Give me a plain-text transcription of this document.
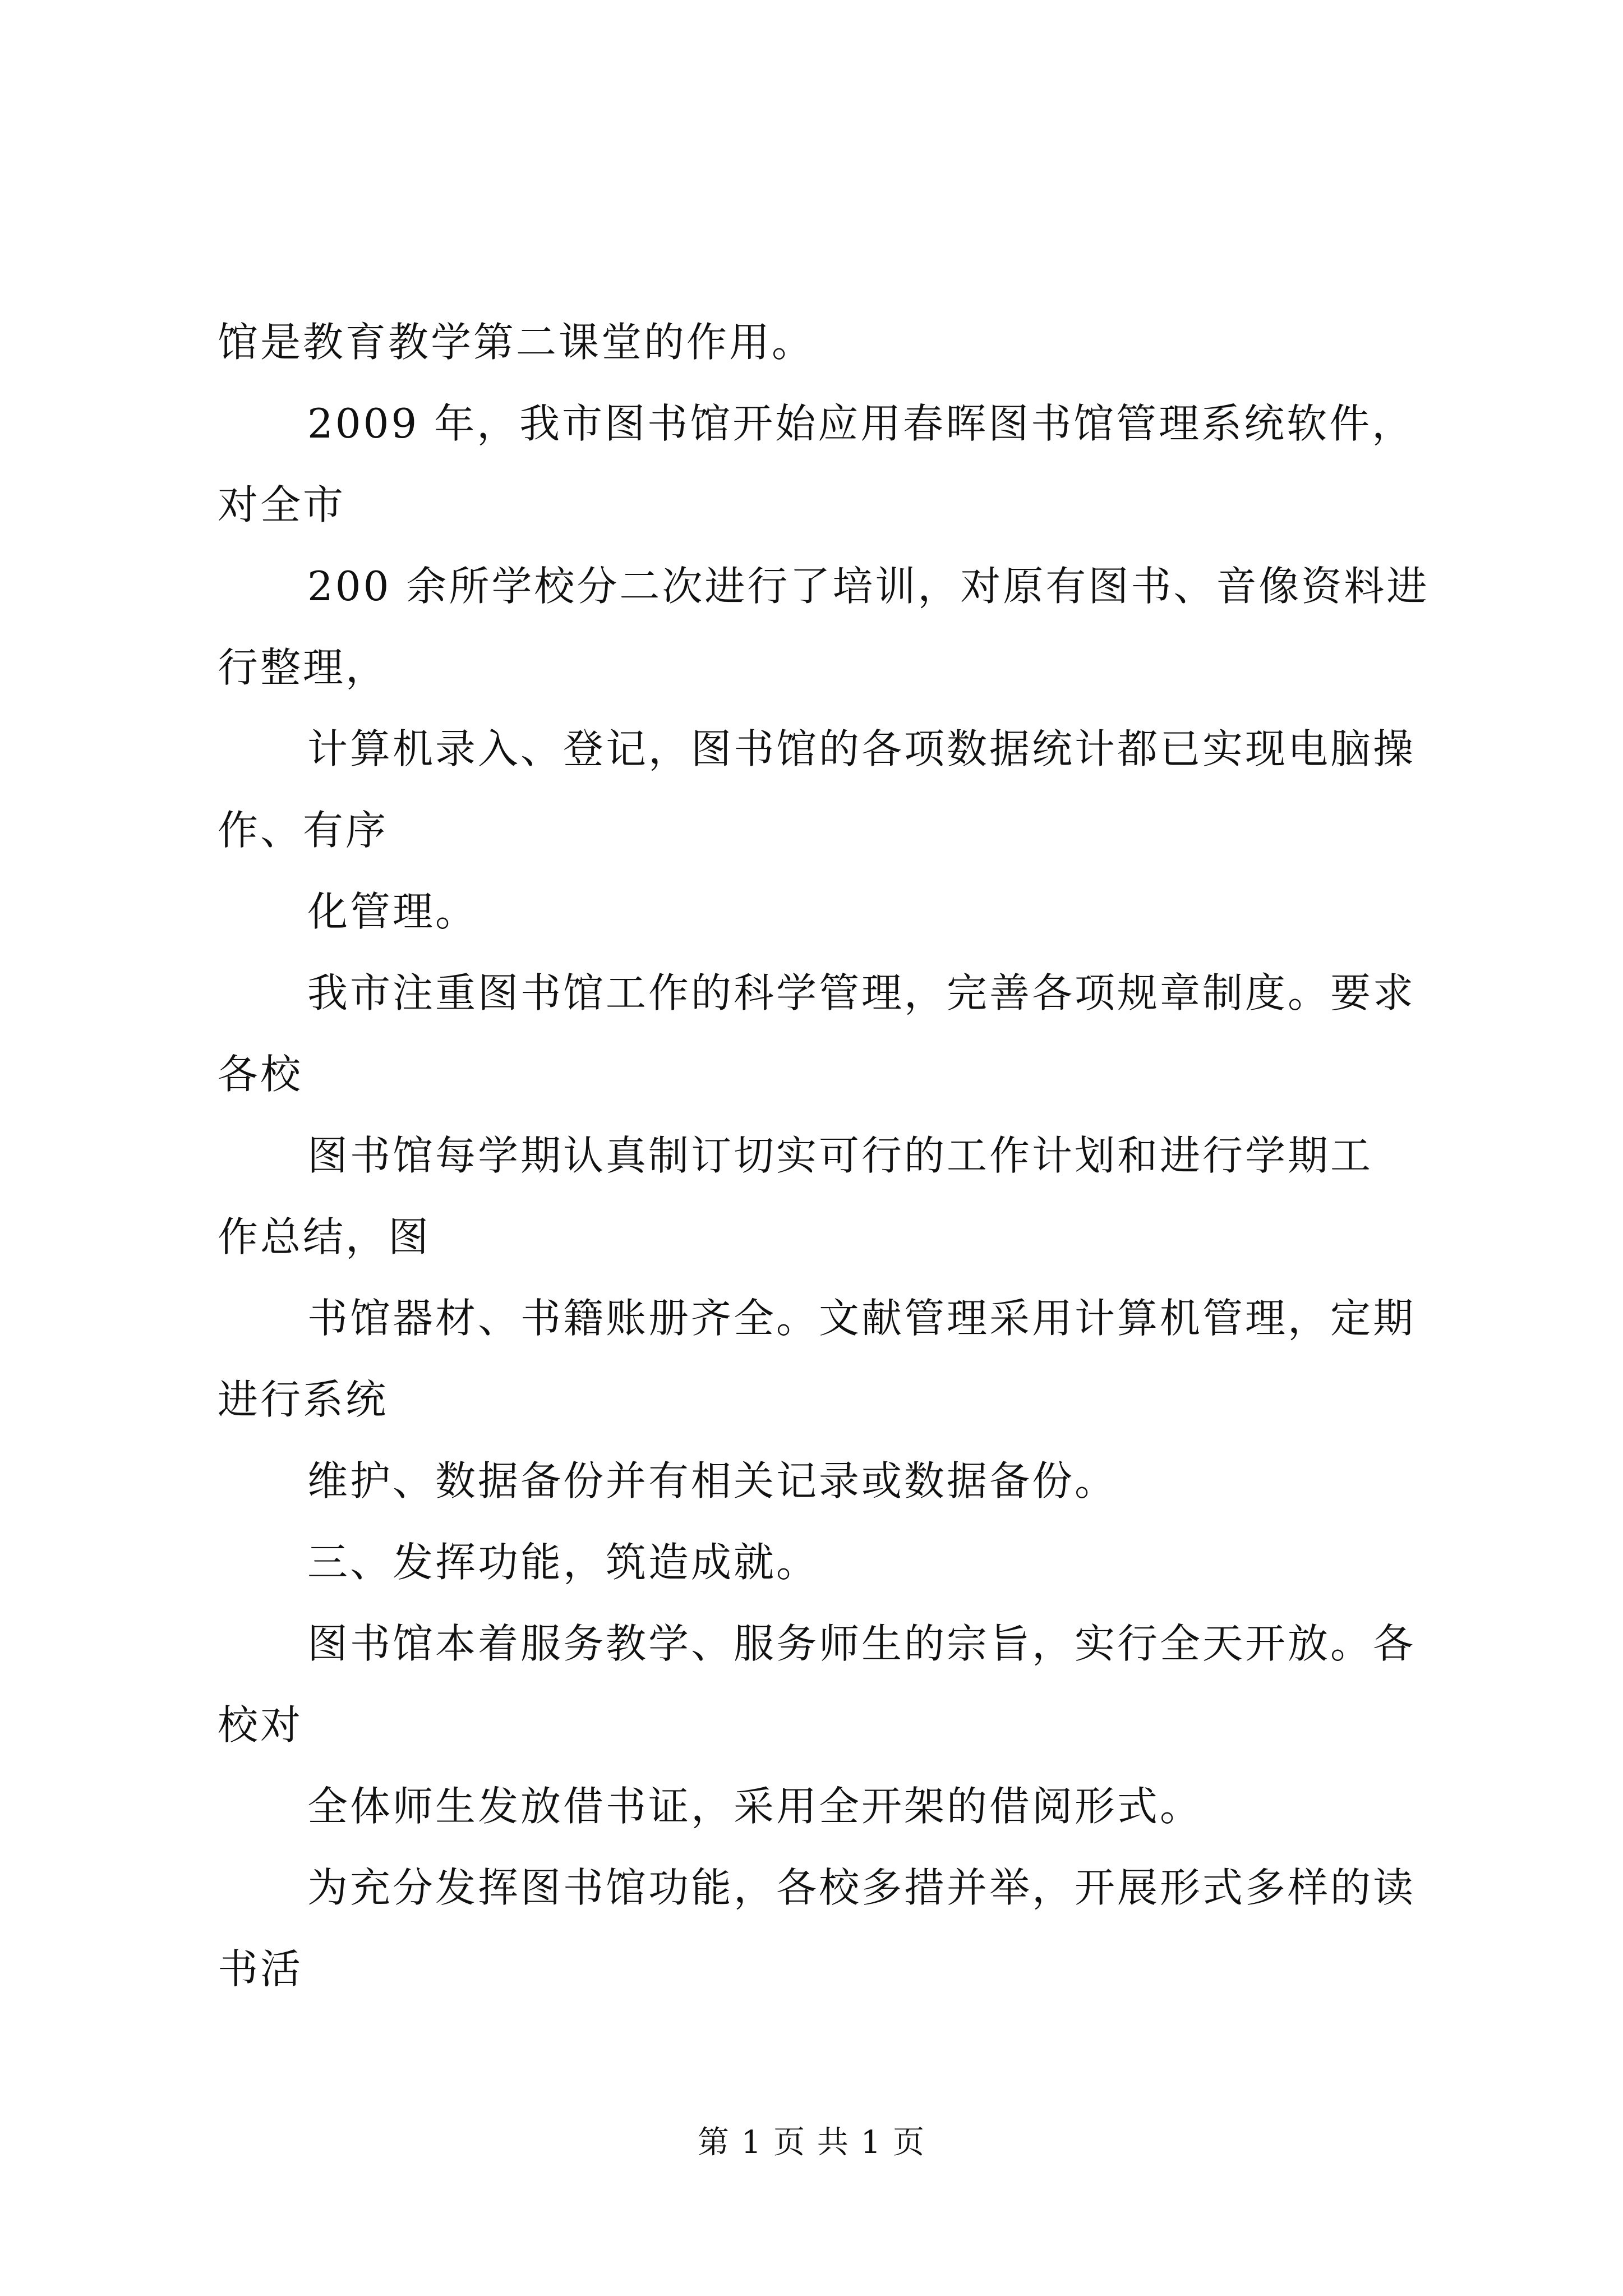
馆是教育教学第二课堂的作用。
2009 年，我市图书馆开始应用春晖图书馆管理系统软件，
对全市
200 余所学校分二次进行了培训，对原有图书、音像资料进
行整理，
计算机录入、登记，图书馆的各项数据统计都已实现电脑操
作、有序
化管理。
我市注重图书馆工作的科学管理，完善各项规章制度。要求
各校
图书馆每学期认真制订切实可行的工作计划和进行学期工
作总结，图
书馆器材、书籍账册齐全。文献管理采用计算机管理，定期
进行系统
维护、数据备份并有相关记录或数据备份。
三、发挥功能，筑造成就。
图书馆本着服务教学、服务师生的宗旨，实行全天开放。各
校对
全体师生发放借书证，采用全开架的借阅形式。
为充分发挥图书馆功能，各校多措并举，开展形式多样的读
书活
第 1 页 共 1 页
